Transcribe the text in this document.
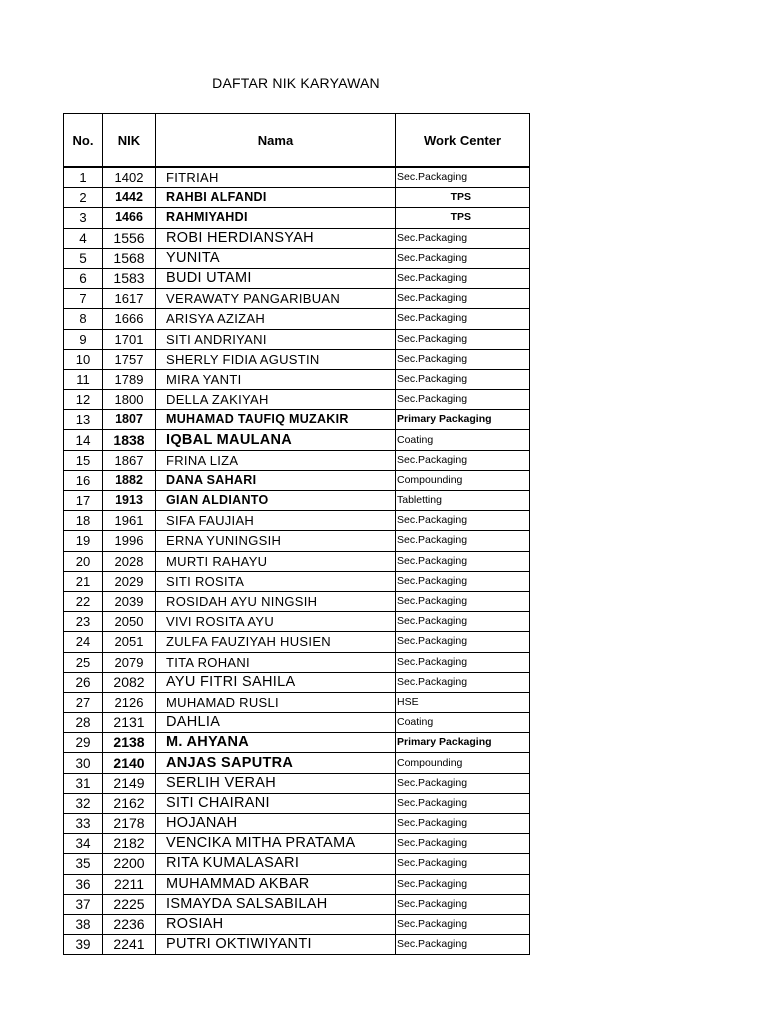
DAFTAR NIK KARYAWAN
No.	NIK	Nama	Work Center
1	1402	FITRIAH	Sec.Packaging
2	1442	RAHBI ALFANDI	TPS
3	1466	RAHMIYAHDI	TPS
4	1556	ROBI HERDIANSYAH	Sec.Packaging
5	1568	YUNITA	Sec.Packaging
6	1583	BUDI UTAMI	Sec.Packaging
7	1617	VERAWATY PANGARIBUAN	Sec.Packaging
8	1666	ARISYA AZIZAH	Sec.Packaging
9	1701	SITI ANDRIYANI	Sec.Packaging
10	1757	SHERLY FIDIA AGUSTIN	Sec.Packaging
11	1789	MIRA YANTI	Sec.Packaging
12	1800	DELLA ZAKIYAH	Sec.Packaging
13	1807	MUHAMAD TAUFIQ MUZAKIR	Primary Packaging
14	1838	IQBAL MAULANA	Coating
15	1867	FRINA LIZA	Sec.Packaging
16	1882	DANA SAHARI	Compounding
17	1913	GIAN ALDIANTO	Tabletting
18	1961	SIFA FAUJIAH	Sec.Packaging
19	1996	ERNA YUNINGSIH	Sec.Packaging
20	2028	MURTI RAHAYU	Sec.Packaging
21	2029	SITI ROSITA	Sec.Packaging
22	2039	ROSIDAH AYU NINGSIH	Sec.Packaging
23	2050	VIVI ROSITA AYU	Sec.Packaging
24	2051	ZULFA FAUZIYAH HUSIEN	Sec.Packaging
25	2079	TITA ROHANI	Sec.Packaging
26	2082	AYU FITRI SAHILA	Sec.Packaging
27	2126	MUHAMAD RUSLI	HSE
28	2131	DAHLIA	Coating
29	2138	M. AHYANA	Primary Packaging
30	2140	ANJAS SAPUTRA	Compounding
31	2149	SERLIH VERAH	Sec.Packaging
32	2162	SITI CHAIRANI	Sec.Packaging
33	2178	HOJANAH	Sec.Packaging
34	2182	VENCIKA MITHA PRATAMA	Sec.Packaging
35	2200	RITA KUMALASARI	Sec.Packaging
36	2211	MUHAMMAD AKBAR	Sec.Packaging
37	2225	ISMAYDA SALSABILAH	Sec.Packaging
38	2236	ROSIAH	Sec.Packaging
39	2241	PUTRI OKTIWIYANTI	Sec.Packaging
